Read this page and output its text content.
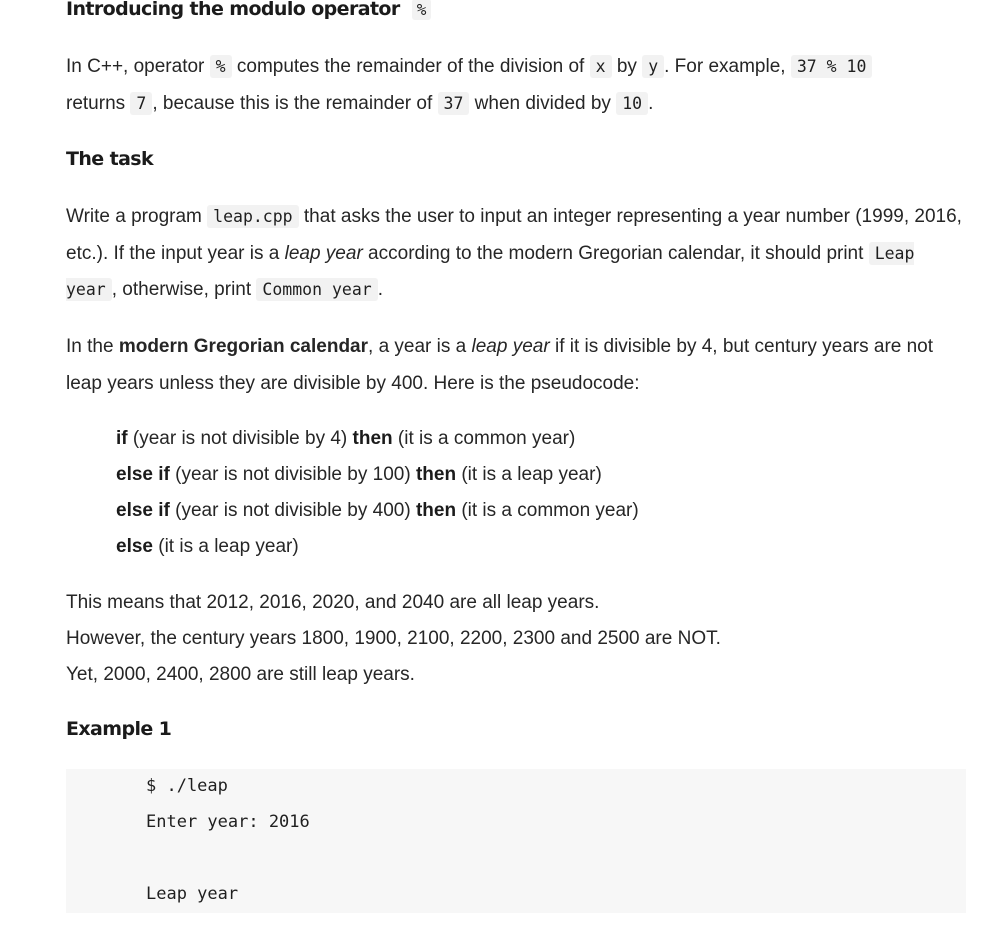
Introducing the modulo operator %

In C++, operator % computes the remainder of the division of x by y . For example, 37 % 10
returns 7 , because this is the remainder of 37 when divided by 10 .

The task

Write a program leap.cpp that asks the user to input an integer representing a year number (1999, 2016, etc.). If the input year is a leap year according to the modern Gregorian calendar, it should print Leap year , otherwise, print Common year .

In the modern Gregorian calendar, a year is a leap year if it is divisible by 4, but century years are not leap years unless they are divisible by 400. Here is the pseudocode:

if (year is not divisible by 4) then (it is a common year)
else if (year is not divisible by 100) then (it is a leap year)
else if (year is not divisible by 400) then (it is a common year)
else (it is a leap year)

This means that 2012, 2016, 2020, and 2040 are all leap years.
However, the century years 1800, 1900, 2100, 2200, 2300 and 2500 are NOT.
Yet, 2000, 2400, 2800 are still leap years.

Example 1
$ ./leap
Enter year: 2016
Leap year
